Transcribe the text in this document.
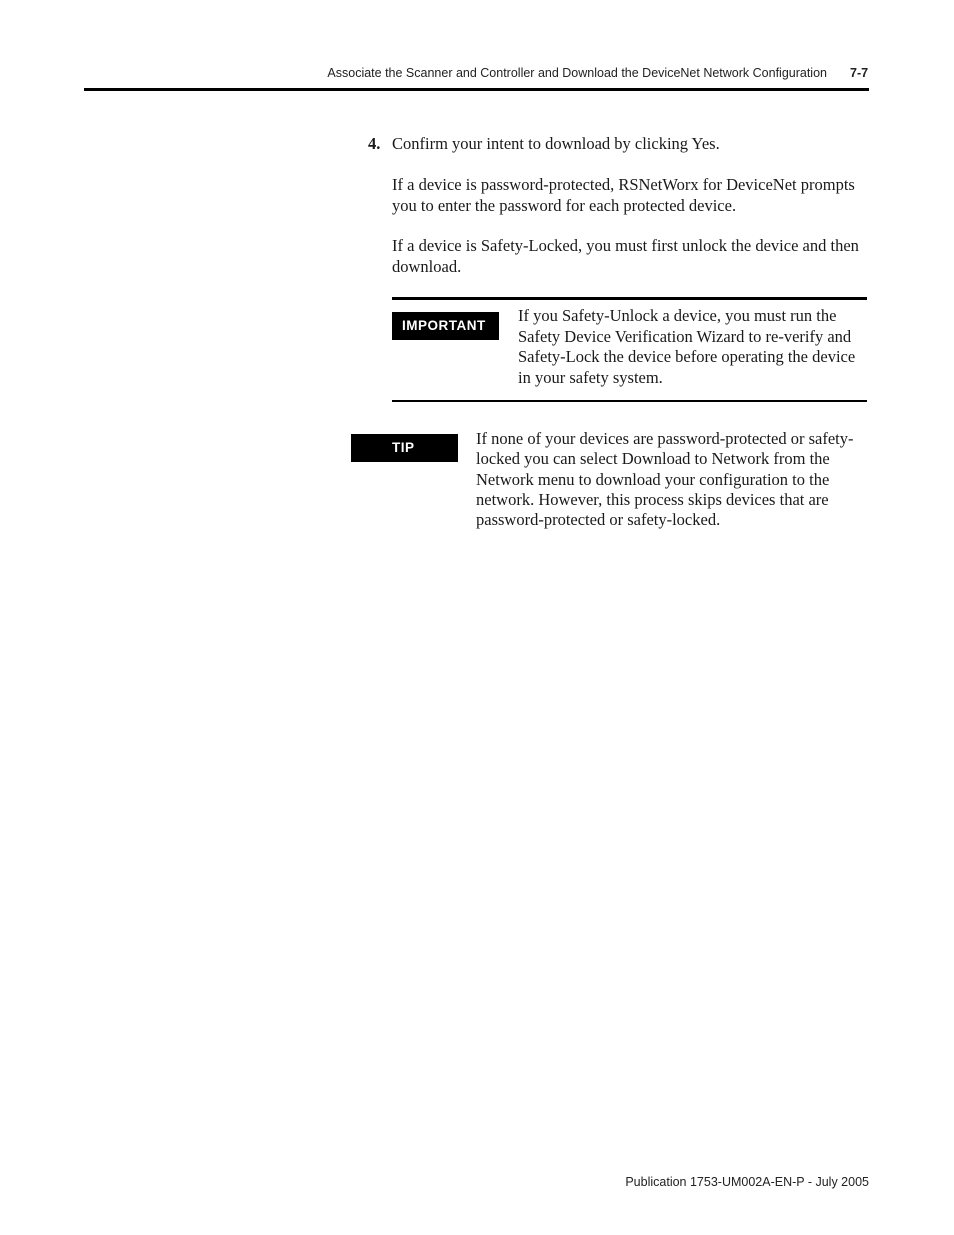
Associate the Scanner and Controller and Download the DeviceNet Network Configuration 7-7
4. Confirm your intent to download by clicking Yes.
If a device is password-protected, RSNetWorx for DeviceNet prompts you to enter the password for each protected device.
If a device is Safety-Locked, you must first unlock the device and then download.
IMPORTANT
If you Safety-Unlock a device, you must run the Safety Device Verification Wizard to re-verify and Safety-Lock the device before operating the device in your safety system.
TIP	If none of your devices are password-protected or safety-locked you can select Download to Network from the Network menu to download your configuration to the network. However, this process skips devices that are password-protected or safety-locked.
Publication 1753-UM002A-EN-P - July 2005
